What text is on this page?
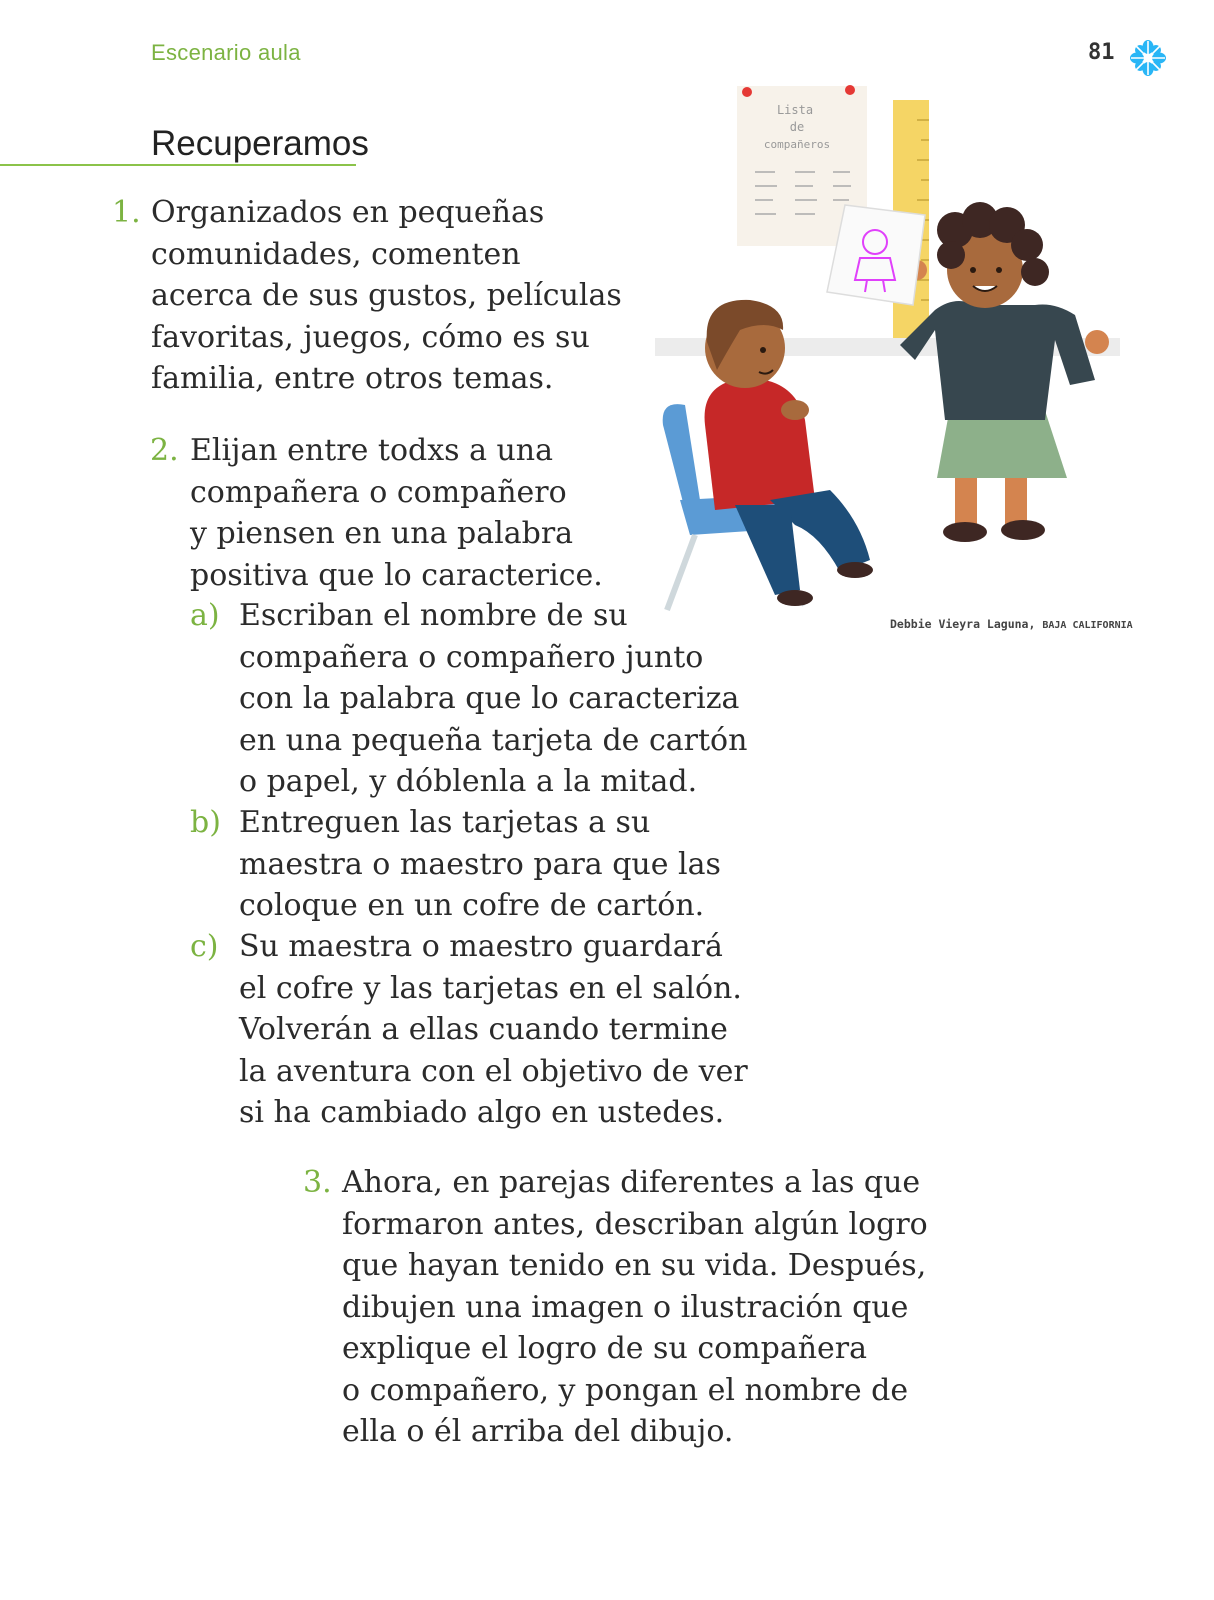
Escenario aula	81
Recuperamos
Lista
de
compañeros
Debbie Vieyra Laguna, BAJA CALIFORNIA
1. Organizados en pequeñas
comunidades, comenten
acerca de sus gustos, películas
favoritas, juegos, cómo es su
familia, entre otros temas.
2. Elijan entre todxs a una
compañera o compañero
y piensen en una palabra
positiva que lo caracterice.
a) Escriban el nombre de su
compañera o compañero junto
con la palabra que lo caracteriza
en una pequeña tarjeta de cartón
o papel, y dóblenla a la mitad.
b) Entreguen las tarjetas a su
maestra o maestro para que las
coloque en un cofre de cartón.
c) Su maestra o maestro guardará
el cofre y las tarjetas en el salón.
Volverán a ellas cuando termine
la aventura con el objetivo de ver
si ha cambiado algo en ustedes.
3. Ahora, en parejas diferentes a las que
formaron antes, describan algún logro
que hayan tenido en su vida. Después,
dibujen una imagen o ilustración que
explique el logro de su compañera
o compañero, y pongan el nombre de
ella o él arriba del dibujo.
